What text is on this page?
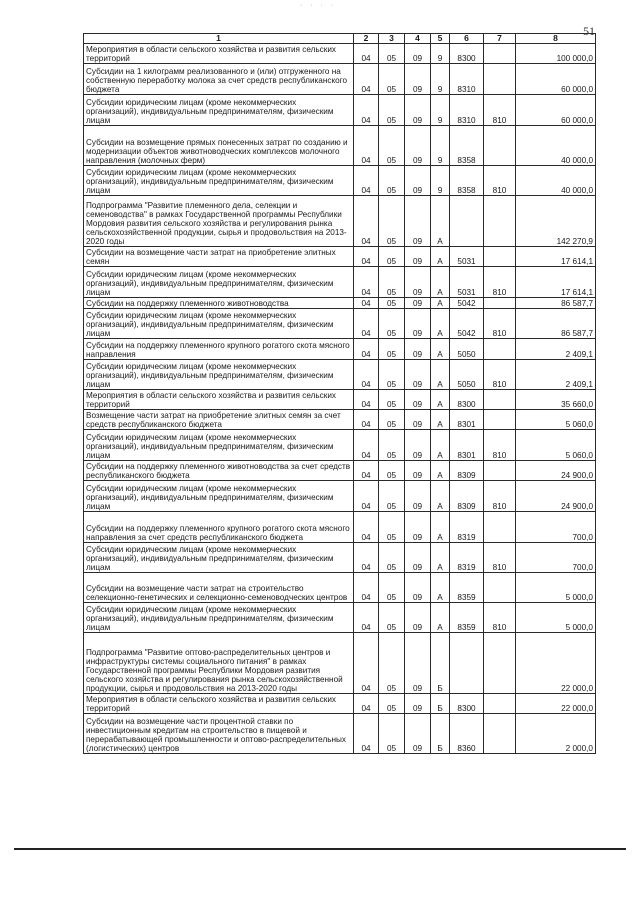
· · · ·
51
1	2	3	4	5	6	7	8
Мероприятия в области сельского хозяйства и развития сельских территорий	04	05	09	9	8300		100 000,0
Субсидии на 1 килограмм реализованного и (или) отгруженного на собственную переработку молока за счет средств республиканского бюджета	04	05	09	9	8310		60 000,0
Субсидии юридическим лицам (кроме некоммерческих организаций), индивидуальным предпринимателям, физическим лицам	04	05	09	9	8310	810	60 000,0
Субсидии на возмещение прямых понесенных затрат по созданию и модернизации объектов животноводческих комплексов молочного направления (молочных ферм)	04	05	09	9	8358		40 000,0
Субсидии юридическим лицам (кроме некоммерческих организаций), индивидуальным предпринимателям, физическим лицам	04	05	09	9	8358	810	40 000,0
Подпрограмма "Развитие племенного дела, селекции и семеноводства" в рамках Государственной программы Республики Мордовия развития сельского хозяйства и регулирования рынка сельскохозяйственной продукции, сырья и продовольствия на 2013-2020 годы	04	05	09	А			142 270,9
Субсидии на возмещение части затрат на приобретение элитных семян	04	05	09	А	5031		17 614,1
Субсидии юридическим лицам (кроме некоммерческих организаций), индивидуальным предпринимателям, физическим лицам	04	05	09	А	5031	810	17 614,1
Субсидии на поддержку племенного животноводства	04	05	09	А	5042		86 587,7
Субсидии юридическим лицам (кроме некоммерческих организаций), индивидуальным предпринимателям, физическим лицам	04	05	09	А	5042	810	86 587,7
Субсидии на поддержку племенного крупного рогатого скота мясного направления	04	05	09	А	5050		2 409,1
Субсидии юридическим лицам (кроме некоммерческих организаций), индивидуальным предпринимателям, физическим лицам	04	05	09	А	5050	810	2 409,1
Мероприятия в области сельского хозяйства и развития сельских территорий	04	05	09	А	8300		35 660,0
Возмещение части затрат на приобретение элитных семян за счет средств республиканского бюджета	04	05	09	А	8301		5 060,0
Субсидии юридическим лицам (кроме некоммерческих организаций), индивидуальным предпринимателям, физическим лицам	04	05	09	А	8301	810	5 060,0
Субсидии на поддержку племенного животноводства за счет средств республиканского бюджета	04	05	09	А	8309		24 900,0
Субсидии юридическим лицам (кроме некоммерческих организаций), индивидуальным предпринимателям, физическим лицам	04	05	09	А	8309	810	24 900,0
Субсидии на поддержку племенного крупного рогатого скота мясного направления за счет средств республиканского бюджета	04	05	09	А	8319		700,0
Субсидии юридическим лицам (кроме некоммерческих организаций), индивидуальным предпринимателям, физическим лицам	04	05	09	А	8319	810	700,0
Субсидии на возмещение части затрат на строительство селекционно-генетических и селекционно-семеноводческих центров	04	05	09	А	8359		5 000,0
Субсидии юридическим лицам (кроме некоммерческих организаций), индивидуальным предпринимателям, физическим лицам	04	05	09	А	8359	810	5 000,0
Подпрограмма "Развитие оптово-распределительных центров и инфраструктуры системы социального питания" в рамках Государственной программы Республики Мордовия развития сельского хозяйства и регулирования рынка сельскохозяйственной продукции, сырья и продовольствия на 2013-2020 годы	04	05	09	Б			22 000,0
Мероприятия в области сельского хозяйства и развития сельских территорий	04	05	09	Б	8300		22 000,0
Субсидии на возмещение части процентной ставки по инвестиционным кредитам на строительство в пищевой и перерабатывающей промышленности и оптово-распределительных (логистических) центров	04	05	09	Б	8360		2 000,0
